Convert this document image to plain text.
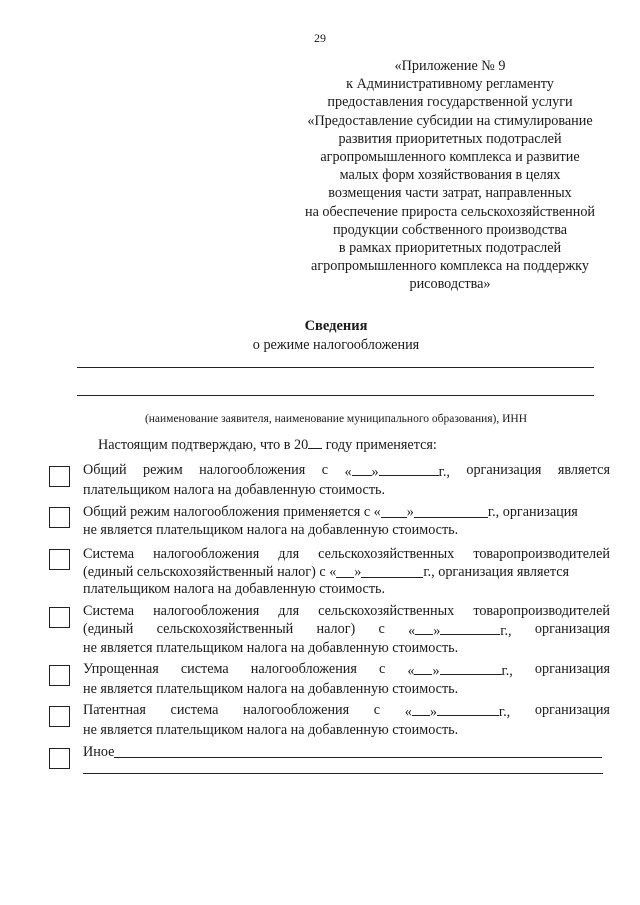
29
«Приложение № 9
к Административному регламенту
предоставления государственной услуги
«Предоставление субсидии на стимулирование
развития приоритетных подотраслей
агропромышленного комплекса и развитие
малых форм хозяйствования в целях
возмещения части затрат, направленных
на обеспечение прироста сельскохозяйственной
продукции собственного производства
в рамках приоритетных подотраслей
агропромышленного комплекса на поддержку
рисоводства»
Сведения
о режиме налогообложения
(наименование заявителя, наименование муниципального образования), ИНН
Настоящим подтверждаю, что в 20 году применяется:
Общий режим налогообложения с « »	г., организация является
плательщиком налога на добавленную стоимость.
Общий режим налогообложения применяется с « »	г., организация
не является плательщиком налога на добавленную стоимость.
Система налогообложения для сельскохозяйственных товаропроизводителей
(единый сельскохозяйственный налог) с « »	г., организация является
плательщиком налога на добавленную стоимость.
Система налогообложения для сельскохозяйственных товаропроизводителей
(единый сельскохозяйственный налог) с « »	г., организация
не является плательщиком налога на добавленную стоимость.
Упрощенная система налогообложения с « »	г., организация
не является плательщиком налога на добавленную стоимость.
Патентная система налогообложения с « »	г., организация
не является плательщиком налога на добавленную стоимость.
Иное
